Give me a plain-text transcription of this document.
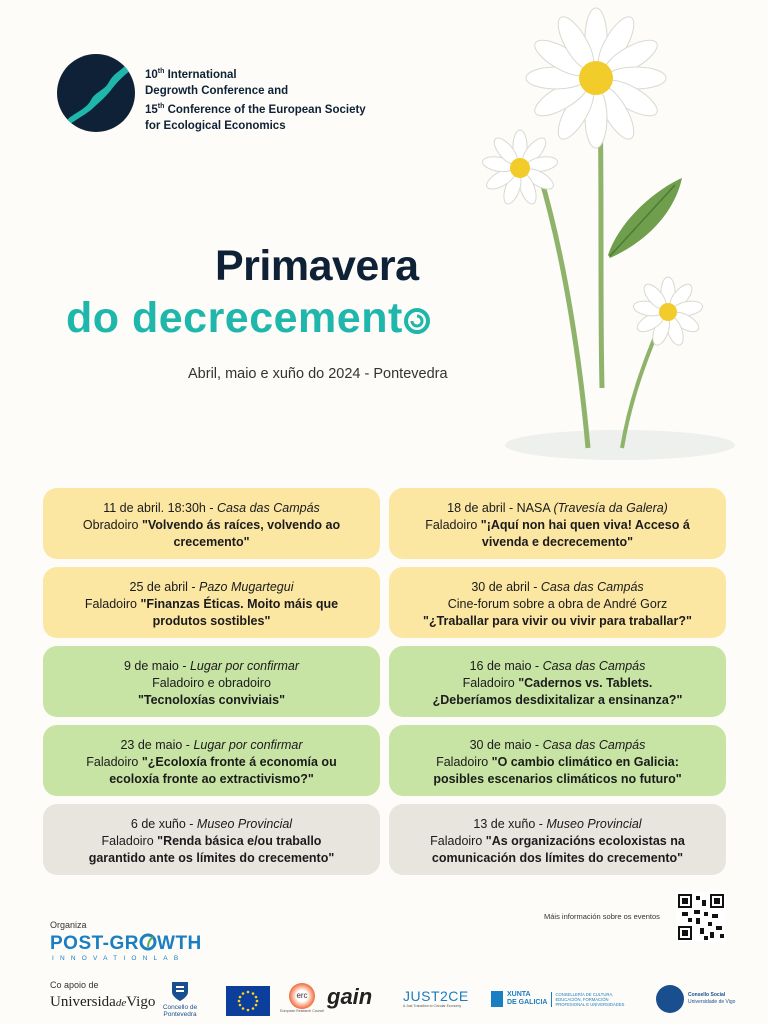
10th International
Degrowth Conference and
15th Conference of the European Society
for Ecological Economics
Primavera
do decrecement
Abril, maio e xuño do 2024 - Pontevedra
11 de abril. 18:30h - Casa das Campás
Obradoiro "Volvendo ás raíces, volvendo ao
crecemento"
18 de abril - NASA (Travesía da Galera)
Faladoiro "¡Aquí non hai quen viva! Acceso á
vivenda e decrecemento"
25 de abril - Pazo Mugartegui
Faladoiro "Finanzas Éticas. Moito máis que
produtos sostibles"
30 de abril - Casa das Campás
Cine-forum sobre a obra de André Gorz
"¿Traballar para vivir ou vivir para traballar?"
9 de maio - Lugar por confirmar
Faladoiro e obradoiro
"Tecnoloxías conviviais"
16 de maio - Casa das Campás
Faladoiro "Cadernos vs. Tablets.
¿Deberíamos desdixitalizar a ensinanza?"
23 de maio - Lugar por confirmar
Faladoiro "¿Ecoloxía fronte á economía ou
ecoloxía fronte ao extractivismo?"
30 de maio - Casa das Campás
Faladoiro "O cambio climático en Galicia:
posibles escenarios climáticos no futuro"
6 de xuño - Museo Provincial
Faladoiro "Renda básica e/ou traballo
garantido ante os límites do crecemento"
13 de xuño - Museo Provincial
Faladoiro "As organizacións ecoloxistas na
comunicación dos límites do crecemento"
Organiza
POST-GR WTH
INNOVATIONLAB
Máis información sobre os eventos
Co apoio de
UniversidadeVigo	Concello de Pontevedra
erc
European Research Council
gain JUST2CE
A Just Transition to Circular Economy
XUNTA
DE GALICIA
CONSELLERÍA DE CULTURA, EDUCACIÓN, FORMACIÓN PROFESIONAL E UNIVERSIDADES
Consello Social
Universidade de Vigo
